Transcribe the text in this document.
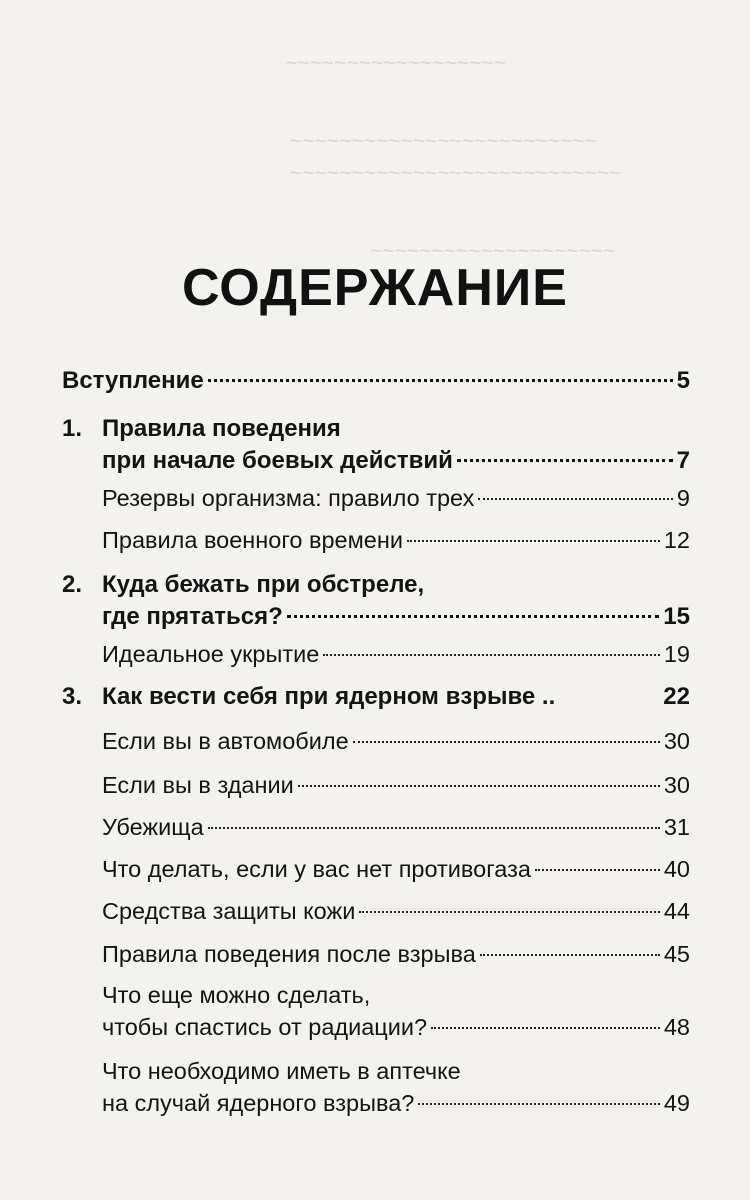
~~~~~~~~~~~~~~~~~~
~~~~~~~~~~~~~~~~~~~~~~~~~
~~~~~~~~~~~~~~~~~~~~~~~~~~~
~~~~~~~~~~~~~~~~~~~~
СОДЕРЖАНИЕ
Вступление	5
1. Правила поведения
при начале боевых действий	7
Резервы организма: правило трех	9
Правила военного времени	12
2. Куда бежать при обстреле,
где прятаться?	15
Идеальное укрытие	19
3. Как вести себя при ядерном взрыве ..	22
Если вы в автомобиле	30
Если вы в здании	30
Убежища	31
Что делать, если у вас нет противогаза	40
Средства защиты кожи	44
Правила поведения после взрыва	45
Что еще можно сделать,
чтобы спастись от радиации?	48
Что необходимо иметь в аптечке
на случай ядерного взрыва?	49
